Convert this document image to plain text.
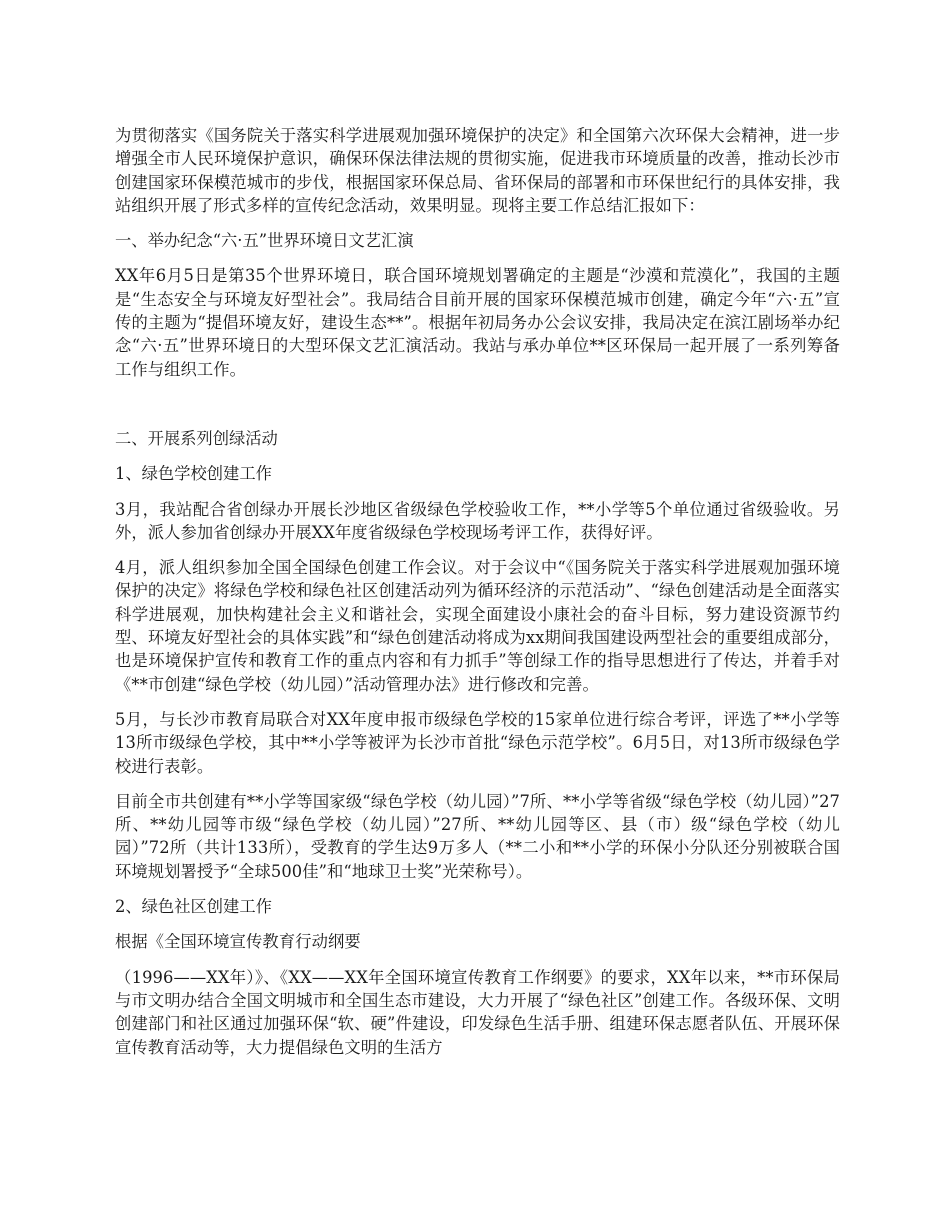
为贯彻落实《国务院关于落实科学进展观加强环境保护的决定》和全国第六次环保大会精神，进一步增强全市人民环境保护意识，确保环保法律法规的贯彻实施，促进我市环境质量的改善，推动长沙市创建国家环保模范城市的步伐，根据国家环保总局、省环保局的部署和市环保世纪行的具体安排，我站组织开展了形式多样的宣传纪念活动，效果明显。现将主要工作总结汇报如下：

一、举办纪念“六·五”世界环境日文艺汇演

XX年6月5日是第35个世界环境日，联合国环境规划署确定的主题是“沙漠和荒漠化”，我国的主题是“生态安全与环境友好型社会”。我局结合目前开展的国家环保模范城市创建，确定今年“六·五”宣传的主题为“提倡环境友好，建设生态**”。根据年初局务办公会议安排，我局决定在滨江剧场举办纪念“六·五”世界环境日的大型环保文艺汇演活动。我站与承办单位**区环保局一起开展了一系列筹备工作与组织工作。

二、开展系列创绿活动

1、绿色学校创建工作

3月，我站配合省创绿办开展长沙地区省级绿色学校验收工作，**小学等5个单位通过省级验收。另外，派人参加省创绿办开展XX年度省级绿色学校现场考评工作，获得好评。

4月，派人组织参加全国全国绿色创建工作会议。对于会议中“《国务院关于落实科学进展观加强环境保护的决定》将绿色学校和绿色社区创建活动列为循环经济的示范活动”、“绿色创建活动是全面落实科学进展观，加快构建社会主义和谐社会，实现全面建设小康社会的奋斗目标，努力建设资源节约型、环境友好型社会的具体实践”和“绿色创建活动将成为xx期间我国建设两型社会的重要组成部分，也是环境保护宣传和教育工作的重点内容和有力抓手”等创绿工作的指导思想进行了传达，并着手对《**市创建“绿色学校（幼儿园）”活动管理办法》进行修改和完善。

5月，与长沙市教育局联合对XX年度申报市级绿色学校的15家单位进行综合考评，评选了**小学等13所市级绿色学校，其中**小学等被评为长沙市首批“绿色示范学校”。6月5日，对13所市级绿色学校进行表彰。

目前全市共创建有**小学等国家级“绿色学校（幼儿园）”7所、**小学等省级“绿色学校（幼儿园）”27所、**幼儿园等市级“绿色学校（幼儿园）”27所、**幼儿园等区、县（市）级“绿色学校（幼儿园）”72所（共计133所），受教育的学生达9万多人（**二小和**小学的环保小分队还分别被联合国环境规划署授予“全球500佳”和“地球卫士奖”光荣称号）。

2、绿色社区创建工作

根据《全国环境宣传教育行动纲要

（1996——XX年）》、《XX——XX年全国环境宣传教育工作纲要》的要求，XX年以来，**市环保局与市文明办结合全国文明城市和全国生态市建设，大力开展了“绿色社区”创建工作。各级环保、文明创建部门和社区通过加强环保“软、硬”件建设，印发绿色生活手册、组建环保志愿者队伍、开展环保宣传教育活动等，大力提倡绿色文明的生活方
